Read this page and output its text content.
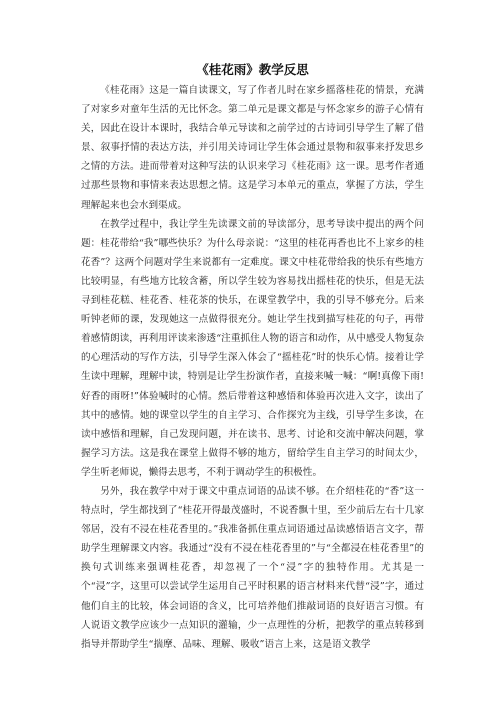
《桂花雨》教学反思

《桂花雨》这是一篇自读课文，写了作者儿时在家乡摇落桂花的情景，充满了对家乡对童年生活的无比怀念。第二单元是课文都是与怀念家乡的游子心情有关，因此在设计本课时，我结合单元导读和之前学过的古诗词引导学生了解了借景、叙事抒情的表达方法，并引用关诗词让学生体会通过景物和叙事来抒发思乡之情的方法。进而带着对这种写法的认识来学习《桂花雨》这一课。思考作者通过那些景物和事情来表达思想之情。这是学习本单元的重点，掌握了方法，学生理解起来也会水到渠成。

在教学过程中，我让学生先读课文前的导读部分，思考导读中提出的两个问题：桂花带给“我”哪些快乐？为什么母亲说：“这里的桂花再香也比不上家乡的桂花香”？这两个问题对学生来说都有一定难度。课文中桂花带给我的快乐有些地方比较明显，有些地方比较含蓄，所以学生较为容易找出摇桂花的快乐，但是无法寻到桂花糕、桂花香、桂花茶的快乐，在课堂教学中，我的引导不够充分。后来听钟老师的课，发现她这一点做得很充分。她让学生找到描写桂花的句子，再带着感情朗读，再利用评读来渗透“注重抓住人物的语言和动作，从中感受人物复杂的心理活动的写作方法，引导学生深入体会了“摇桂花”时的快乐心情。接着让学生读中理解，理解中读，特别是让学生扮演作者，直接来喊一喊：“啊!真像下雨!好香的雨呀!”体验喊时的心情。然后带着这种感悟和体验再次进入文字，读出了其中的感情。她的课堂以学生的自主学习、合作探究为主线，引导学生多读，在读中感悟和理解，自己发现问题，并在读书、思考、讨论和交流中解决问题，掌握学习方法。这是我在课堂上做得不够的地方，留给学生自主学习的时间太少，学生听老师说，懒得去思考，不利于调动学生的积极性。

另外，我在教学中对于课文中重点词语的品读不够。在介绍桂花的“香”这一特点时，学生都找到了“桂花开得最茂盛时，不说香飘十里，至少前后左右十几家邻居，没有不浸在桂花香里的。”我准备抓住重点词语通过品读感悟语言文字，帮助学生理解课文内容。我通过“没有不浸在桂花香里的”与“全都浸在桂花香里”的换句式训练来强调桂花香，却忽视了一个“浸”字的独特作用。尤其是一个“浸”字，这里可以尝试学生运用自己平时积累的语言材料来代替“浸”字，通过他们自主的比较，体会词语的含义，比可培养他们推敲词语的良好语言习惯。有人说语文教学应该少一点知识的灌输，少一点理性的分析，把教学的重点转移到指导并帮助学生“揣摩、品味、理解、吸收”语言上来，这是语文教学
